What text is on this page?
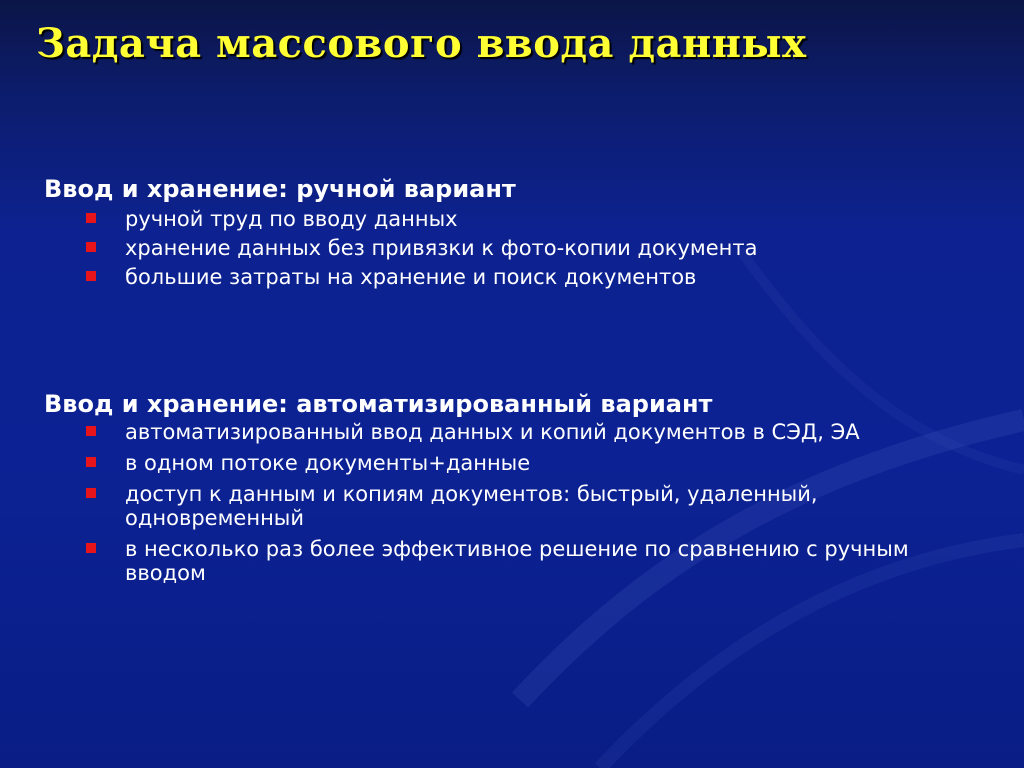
Задача массового ввода данных

Ввод и хранение: ручной вариант

ручной труд по вводу данных
хранение данных без привязки к фото-копии документа
большие затраты на хранение и поиск документов

Ввод и хранение: автоматизированный вариант

автоматизированный ввод данных и копий документов в СЭД, ЭА
в одном потоке документы+данные
доступ к данным и копиям документов: быстрый, удаленный, одновременный
в несколько раз более эффективное решение по сравнению с ручным вводом
